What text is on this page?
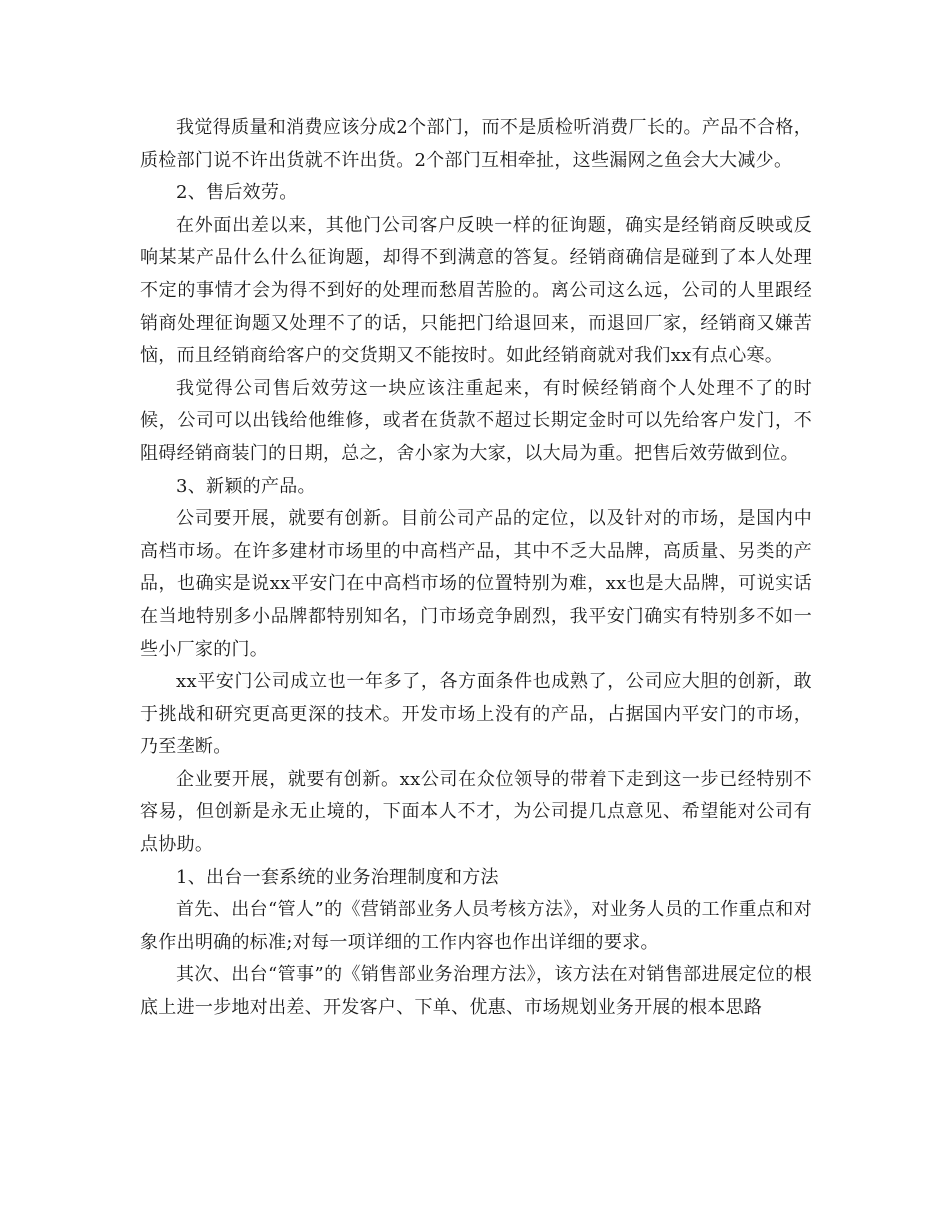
我觉得质量和消费应该分成2个部门，而不是质检听消费厂长的。产品不合格，质检部门说不许出货就不许出货。2个部门互相牵扯，这些漏网之鱼会大大减少。

2、售后效劳。

在外面出差以来，其他门公司客户反映一样的征询题，确实是经销商反映或反响某某产品什么什么征询题，却得不到满意的答复。经销商确信是碰到了本人处理不定的事情才会为得不到好的处理而愁眉苦脸的。离公司这么远，公司的人里跟经销商处理征询题又处理不了的话，只能把门给退回来，而退回厂家，经销商又嫌苦恼，而且经销商给客户的交货期又不能按时。如此经销商就对我们xx有点心寒。

我觉得公司售后效劳这一块应该注重起来，有时候经销商个人处理不了的时候，公司可以出钱给他维修，或者在货款不超过长期定金时可以先给客户发门，不阻碍经销商装门的日期，总之，舍小家为大家，以大局为重。把售后效劳做到位。

3、新颖的产品。

公司要开展，就要有创新。目前公司产品的定位，以及针对的市场，是国内中高档市场。在许多建材市场里的中高档产品，其中不乏大品牌，高质量、另类的产品，也确实是说xx平安门在中高档市场的位置特别为难，xx也是大品牌，可说实话在当地特别多小品牌都特别知名，门市场竞争剧烈，我平安门确实有特别多不如一些小厂家的门。

xx平安门公司成立也一年多了，各方面条件也成熟了，公司应大胆的创新，敢于挑战和研究更高更深的技术。开发市场上没有的产品，占据国内平安门的市场，乃至垄断。

企业要开展，就要有创新。xx公司在众位领导的带着下走到这一步已经特别不容易，但创新是永无止境的，下面本人不才，为公司提几点意见、希望能对公司有点协助。

1、出台一套系统的业务治理制度和方法

首先、出台“管人”的《营销部业务人员考核方法》，对业务人员的工作重点和对象作出明确的标准;对每一项详细的工作内容也作出详细的要求。

其次、出台“管事”的《销售部业务治理方法》，该方法在对销售部进展定位的根底上进一步地对出差、开发客户、下单、优惠、市场规划业务开展的根本思路
